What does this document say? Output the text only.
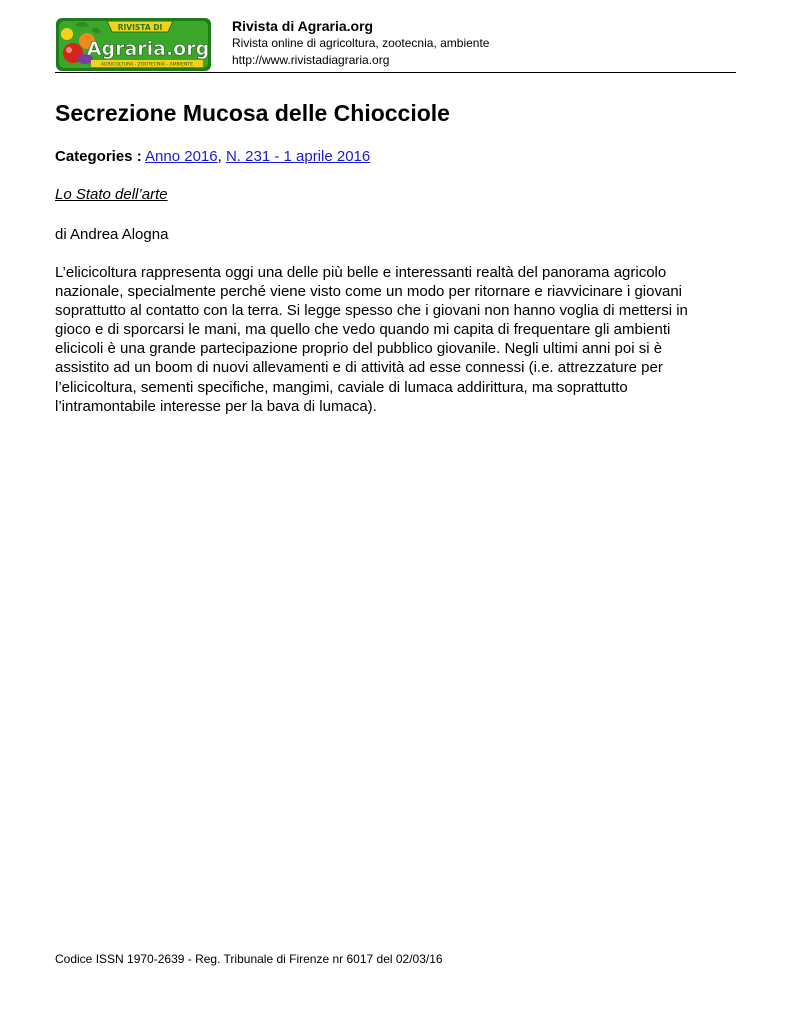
RIVISTA DI
Agraria.org
AGRICOLTURA - ZOOTECNIA - AMBIENTE
Rivista di Agraria.org
Rivista online di agricoltura, zootecnia, ambiente
http://www.rivistadiagraria.org
Secrezione Mucosa delle Chiocciole
Categories : Anno 2016, N. 231 - 1 aprile 2016
Lo Stato dell’arte
di Andrea Alogna
L’elicicoltura rappresenta oggi una delle più belle e interessanti realtà del panorama agricolo
nazionale, specialmente perché viene visto come un modo per ritornare e riavvicinare i giovani
soprattutto al contatto con la terra. Si legge spesso che i giovani non hanno voglia di mettersi in
gioco e di sporcarsi le mani, ma quello che vedo quando mi capita di frequentare gli ambienti
elicicoli è una grande partecipazione proprio del pubblico giovanile. Negli ultimi anni poi si è
assistito ad un boom di nuovi allevamenti e di attività ad esse connessi (i.e. attrezzature per
l’elicicoltura, sementi specifiche, mangimi, caviale di lumaca addirittura, ma soprattutto
l’intramontabile interesse per la bava di lumaca).
Codice ISSN 1970-2639 - Reg. Tribunale di Firenze nr 6017 del 02/03/16
